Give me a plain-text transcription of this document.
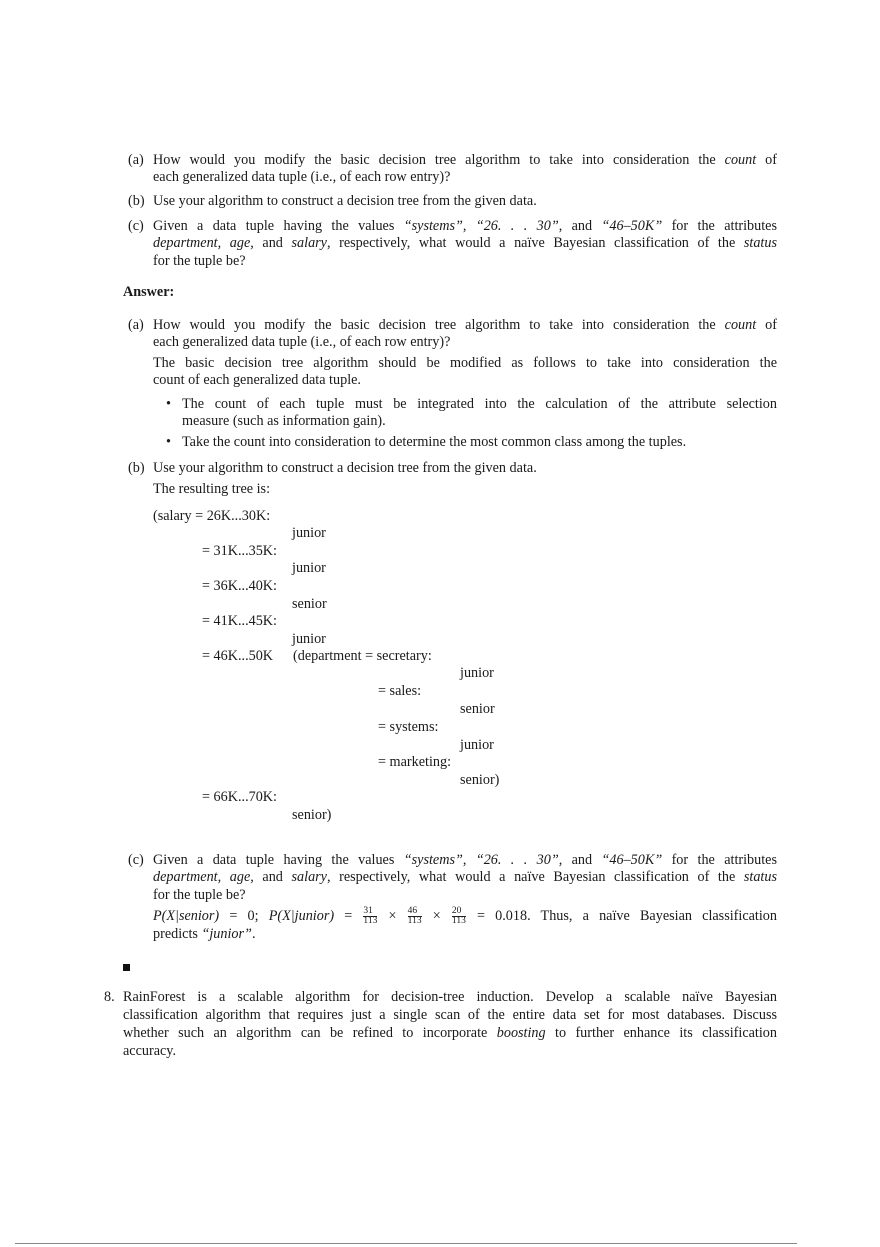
(a) How would you modify the basic decision tree algorithm to take into consideration the count of
each generalized data tuple (i.e., of each row entry)?
(b) Use your algorithm to construct a decision tree from the given data.
(c) Given a data tuple having the values “systems”, “26. . . 30”, and “46–50K” for the attributes
department, age, and salary, respectively, what would a naïve Bayesian classification of the status
for the tuple be?
Answer:
(a) How would you modify the basic decision tree algorithm to take into consideration the count of
each generalized data tuple (i.e., of each row entry)?
The basic decision tree algorithm should be modified as follows to take into consideration the
count of each generalized data tuple.
• The count of each tuple must be integrated into the calculation of the attribute selection
measure (such as information gain).
• Take the count into consideration to determine the most common class among the tuples.
(b) Use your algorithm to construct a decision tree from the given data.
The resulting tree is:
(salary = 26K...30K:
junior
= 31K...35K:
junior
= 36K...40K:
senior
= 41K...45K:
junior
= 46K...50K (department = secretary:
junior
= sales:
senior
= systems:
junior
= marketing:
senior)
= 66K...70K:
senior)
(c) Given a data tuple having the values “systems”, “26. . . 30”, and “46–50K” for the attributes
department, age, and salary, respectively, what would a naïve Bayesian classification of the status
for the tuple be?
P(X|senior) = 0; P(X|junior) = $\frac{31}{113} \times \frac{46}{113} \times \frac{20}{113} = 0.018$. Thus, a naïve Bayesian classification
predicts “junior”.
8. RainForest is a scalable algorithm for decision-tree induction. Develop a scalable naïve Bayesian
classification algorithm that requires just a single scan of the entire data set for most databases. Discuss
whether such an algorithm can be refined to incorporate boosting to further enhance its classification
accuracy.
